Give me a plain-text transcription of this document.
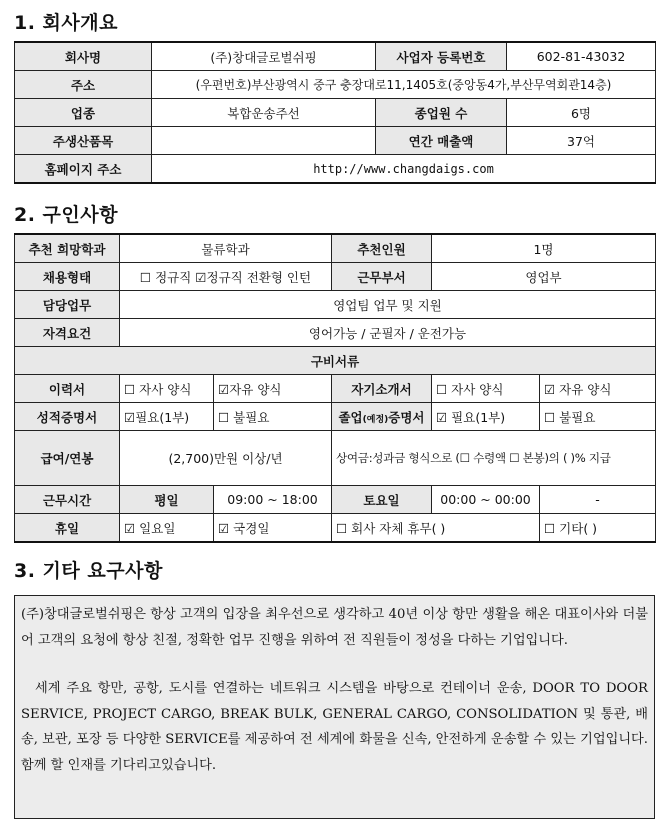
1. 회사개요
회사명	(주)창대글로벌쉬핑	사업자 등록번호	602-81-43032
주소	(우편번호)부산광역시 중구 충장대로11,1405호(중앙동4가,부산무역회관14층)		
업종	복합운송주선	종업원 수	6명
주생산품목		연간 매출액	37억
홈페이지 주소	http://www.changdaigs.com		
2. 구인사항
추천 희망학과	물류학과		추천인원	1명	
채용형태	☐ 정규직 ☑정규직 전환형 인턴		근무부서	영업부	
담당업무	영업팀 업무 및 지원				
자격요건	영어가능 / 군필자 / 운전가능				
구비서류					
이력서	☐ 자사 양식	☑자유 양식	자기소개서	☐ 자사 양식	☑ 자유 양식
성적증명서	☑필요(1부)	☐ 불필요	졸업(예정)증명서	☑ 필요(1부)	☐ 불필요
급여/연봉	(2,700)만원 이상/년		상여금:성과금 형식으로 (☐ 수령액 ☐ 본봉)의 ( )% 지급		
근무시간	평일	09:00 ~ 18:00	토요일	00:00 ~ 00:00	-
휴일	☑ 일요일	☑ 국경일	☐ 회사 자체 휴무( )		☐ 기타( )
3. 기타 요구사항

(주)창대글로벌쉬핑은 항상 고객의 입장을 최우선으로 생각하고 40년 이상 항만 생활을 해온 대표이사와 더불어 고객의 요청에 항상 친절, 정확한 업무 진행을 위하여 전 직원들이 정성을 다하는 기업입니다.

세계 주요 항만, 공항, 도시를 연결하는 네트워크 시스템을 바탕으로 컨테이너 운송, DOOR TO DOOR SERVICE, PROJECT CARGO, BREAK BULK, GENERAL CARGO, CONSOLIDATION 및 통관, 배송, 보관, 포장 등 다양한 SERVICE를 제공하여 전 세계에 화물을 신속, 안전하게 운송할 수 있는 기업입니다. 함께 할 인재를 기다리고있습니다.
